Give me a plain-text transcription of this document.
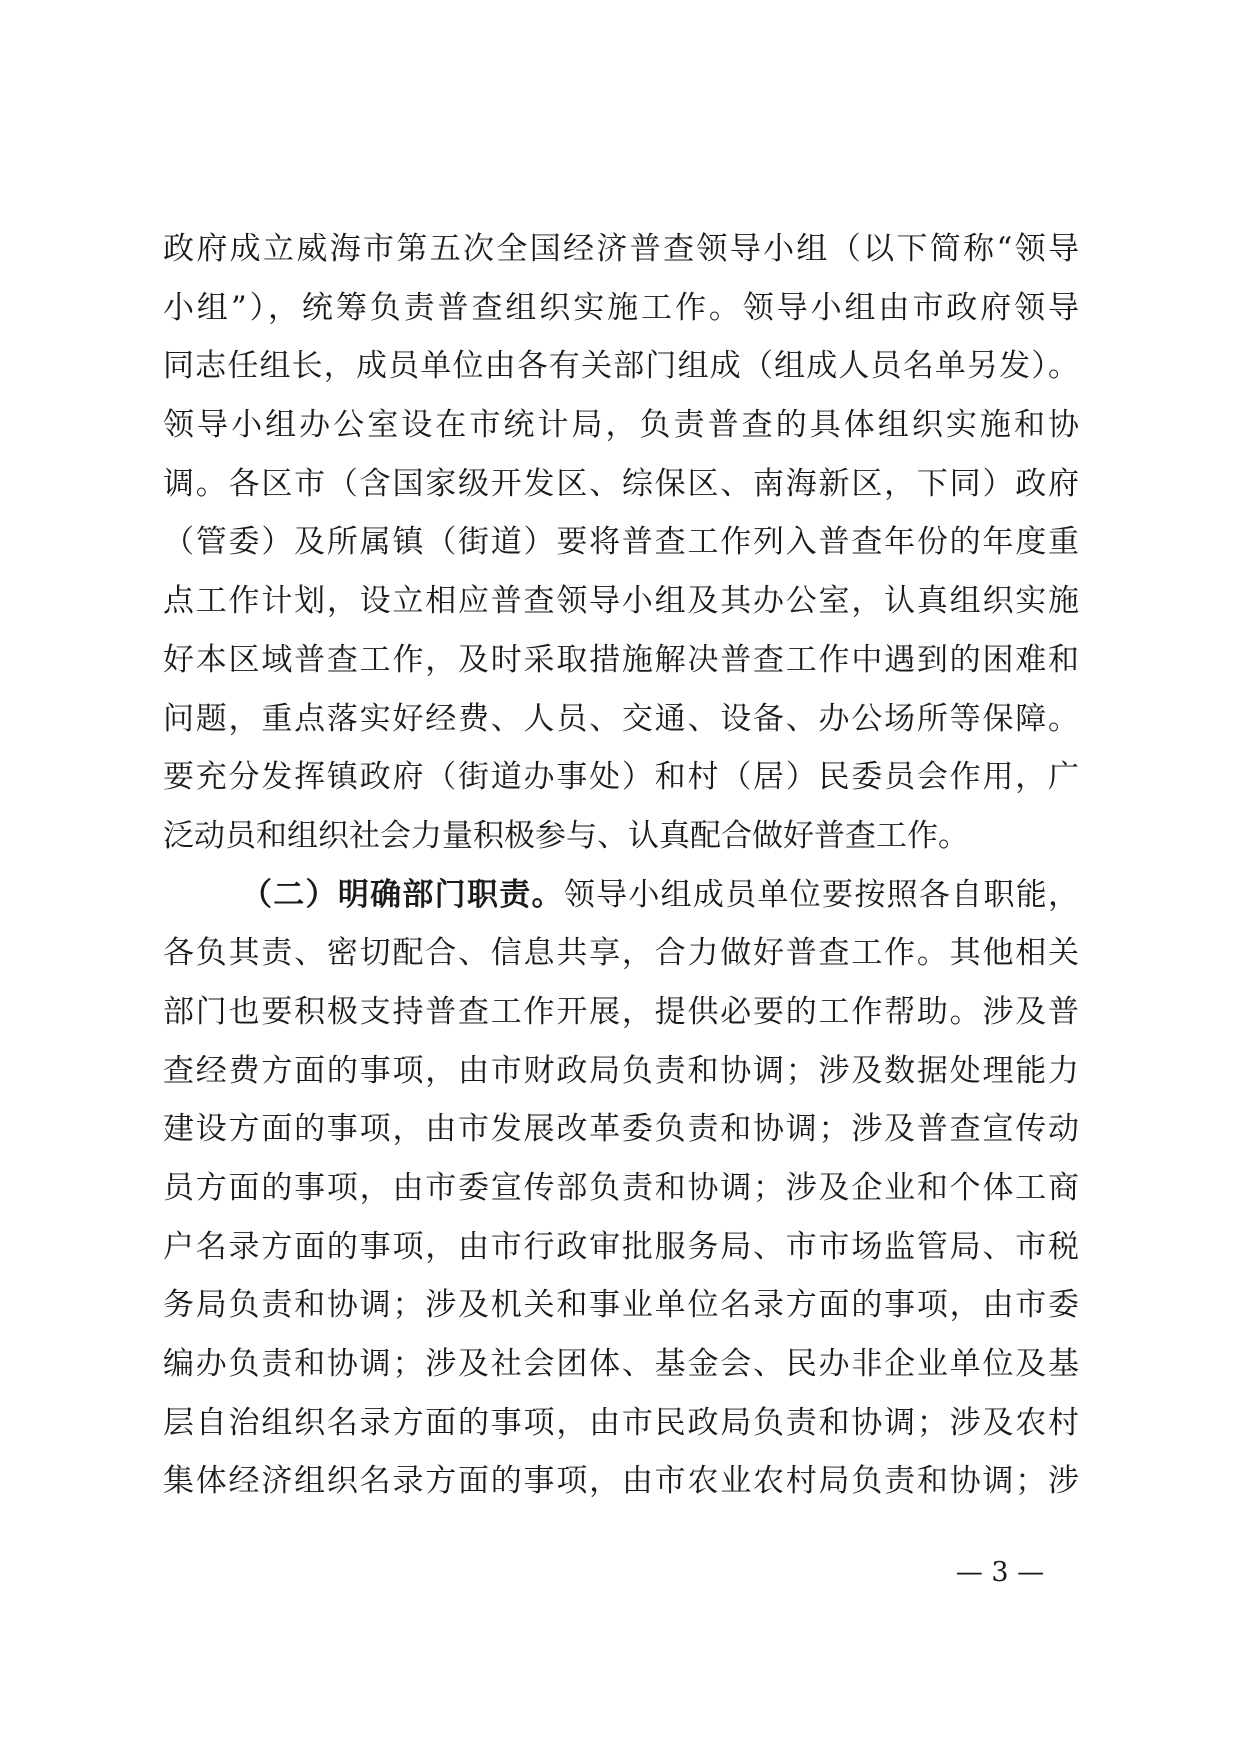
政府成立威海市第五次全国经济普查领导小组（以下简称“领导
小组”），统筹负责普查组织实施工作。领导小组由市政府领导
同志任组长，成员单位由各有关部门组成（组成人员名单另发）。
领导小组办公室设在市统计局，负责普查的具体组织实施和协
调。各区市（含国家级开发区、综保区、南海新区，下同）政府
（管委）及所属镇（街道）要将普查工作列入普查年份的年度重
点工作计划，设立相应普查领导小组及其办公室，认真组织实施
好本区域普查工作，及时采取措施解决普查工作中遇到的困难和
问题，重点落实好经费、人员、交通、设备、办公场所等保障。
要充分发挥镇政府（街道办事处）和村（居）民委员会作用，广
泛动员和组织社会力量积极参与、认真配合做好普查工作。
（二）明确部门职责。领导小组成员单位要按照各自职能，
各负其责、密切配合、信息共享，合力做好普查工作。其他相关
部门也要积极支持普查工作开展，提供必要的工作帮助。涉及普
查经费方面的事项，由市财政局负责和协调；涉及数据处理能力
建设方面的事项，由市发展改革委负责和协调；涉及普查宣传动
员方面的事项，由市委宣传部负责和协调；涉及企业和个体工商
户名录方面的事项，由市行政审批服务局、市市场监管局、市税
务局负责和协调；涉及机关和事业单位名录方面的事项，由市委
编办负责和协调；涉及社会团体、基金会、民办非企业单位及基
层自治组织名录方面的事项，由市民政局负责和协调；涉及农村
集体经济组织名录方面的事项，由市农业农村局负责和协调；涉
— 3 —
